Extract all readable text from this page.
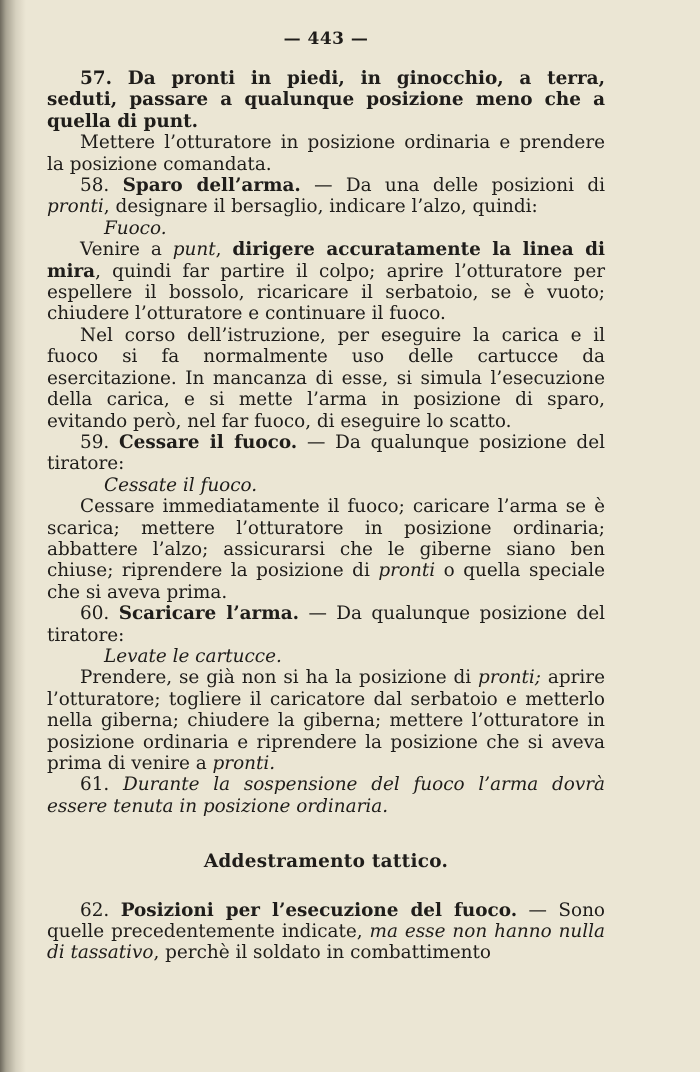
— 443 —

57. Da pronti in piedi, in ginocchio, a terra, seduti, passare a qualunque posizione meno che a quella di punt.

Mettere l’otturatore in posizione ordinaria e prendere la posizione comandata.

58. Sparo dell’arma. — Da una delle posizioni di pronti, designare il bersaglio, indicare l’alzo, quindi:

Fuoco.

Venire a punt, dirigere accuratamente la linea di mira, quindi far partire il colpo; aprire l’otturatore per espellere il bossolo, ricaricare il serbatoio, se è vuoto; chiudere l’otturatore e continuare il fuoco.

Nel corso dell’istruzione, per eseguire la carica e il fuoco si fa normalmente uso delle cartucce da esercitazione. In mancanza di esse, si simula l’esecuzione della carica, e si mette l’arma in posizione di sparo, evitando però, nel far fuoco, di eseguire lo scatto.

59. Cessare il fuoco. — Da qualunque posizione del tiratore:

Cessate il fuoco.

Cessare immediatamente il fuoco; caricare l’arma se è scarica; mettere l’otturatore in posizione ordinaria; abbattere l’alzo; assicurarsi che le giberne siano ben chiuse; riprendere la posizione di pronti o quella speciale che si aveva prima.

60. Scaricare l’arma. — Da qualunque posizione del tiratore:

Levate le cartucce.

Prendere, se già non si ha la posizione di pronti; aprire l’otturatore; togliere il caricatore dal serbatoio e metterlo nella giberna; chiudere la giberna; mettere l’otturatore in posizione ordinaria e riprendere la posizione che si aveva prima di venire a pronti.

61. Durante la sospensione del fuoco l’arma dovrà essere tenuta in posizione ordinaria.

Addestramento tattico.

62. Posizioni per l’esecuzione del fuoco. — Sono quelle precedentemente indicate, ma esse non hanno nulla di tassativo, perchè il soldato in combattimento
